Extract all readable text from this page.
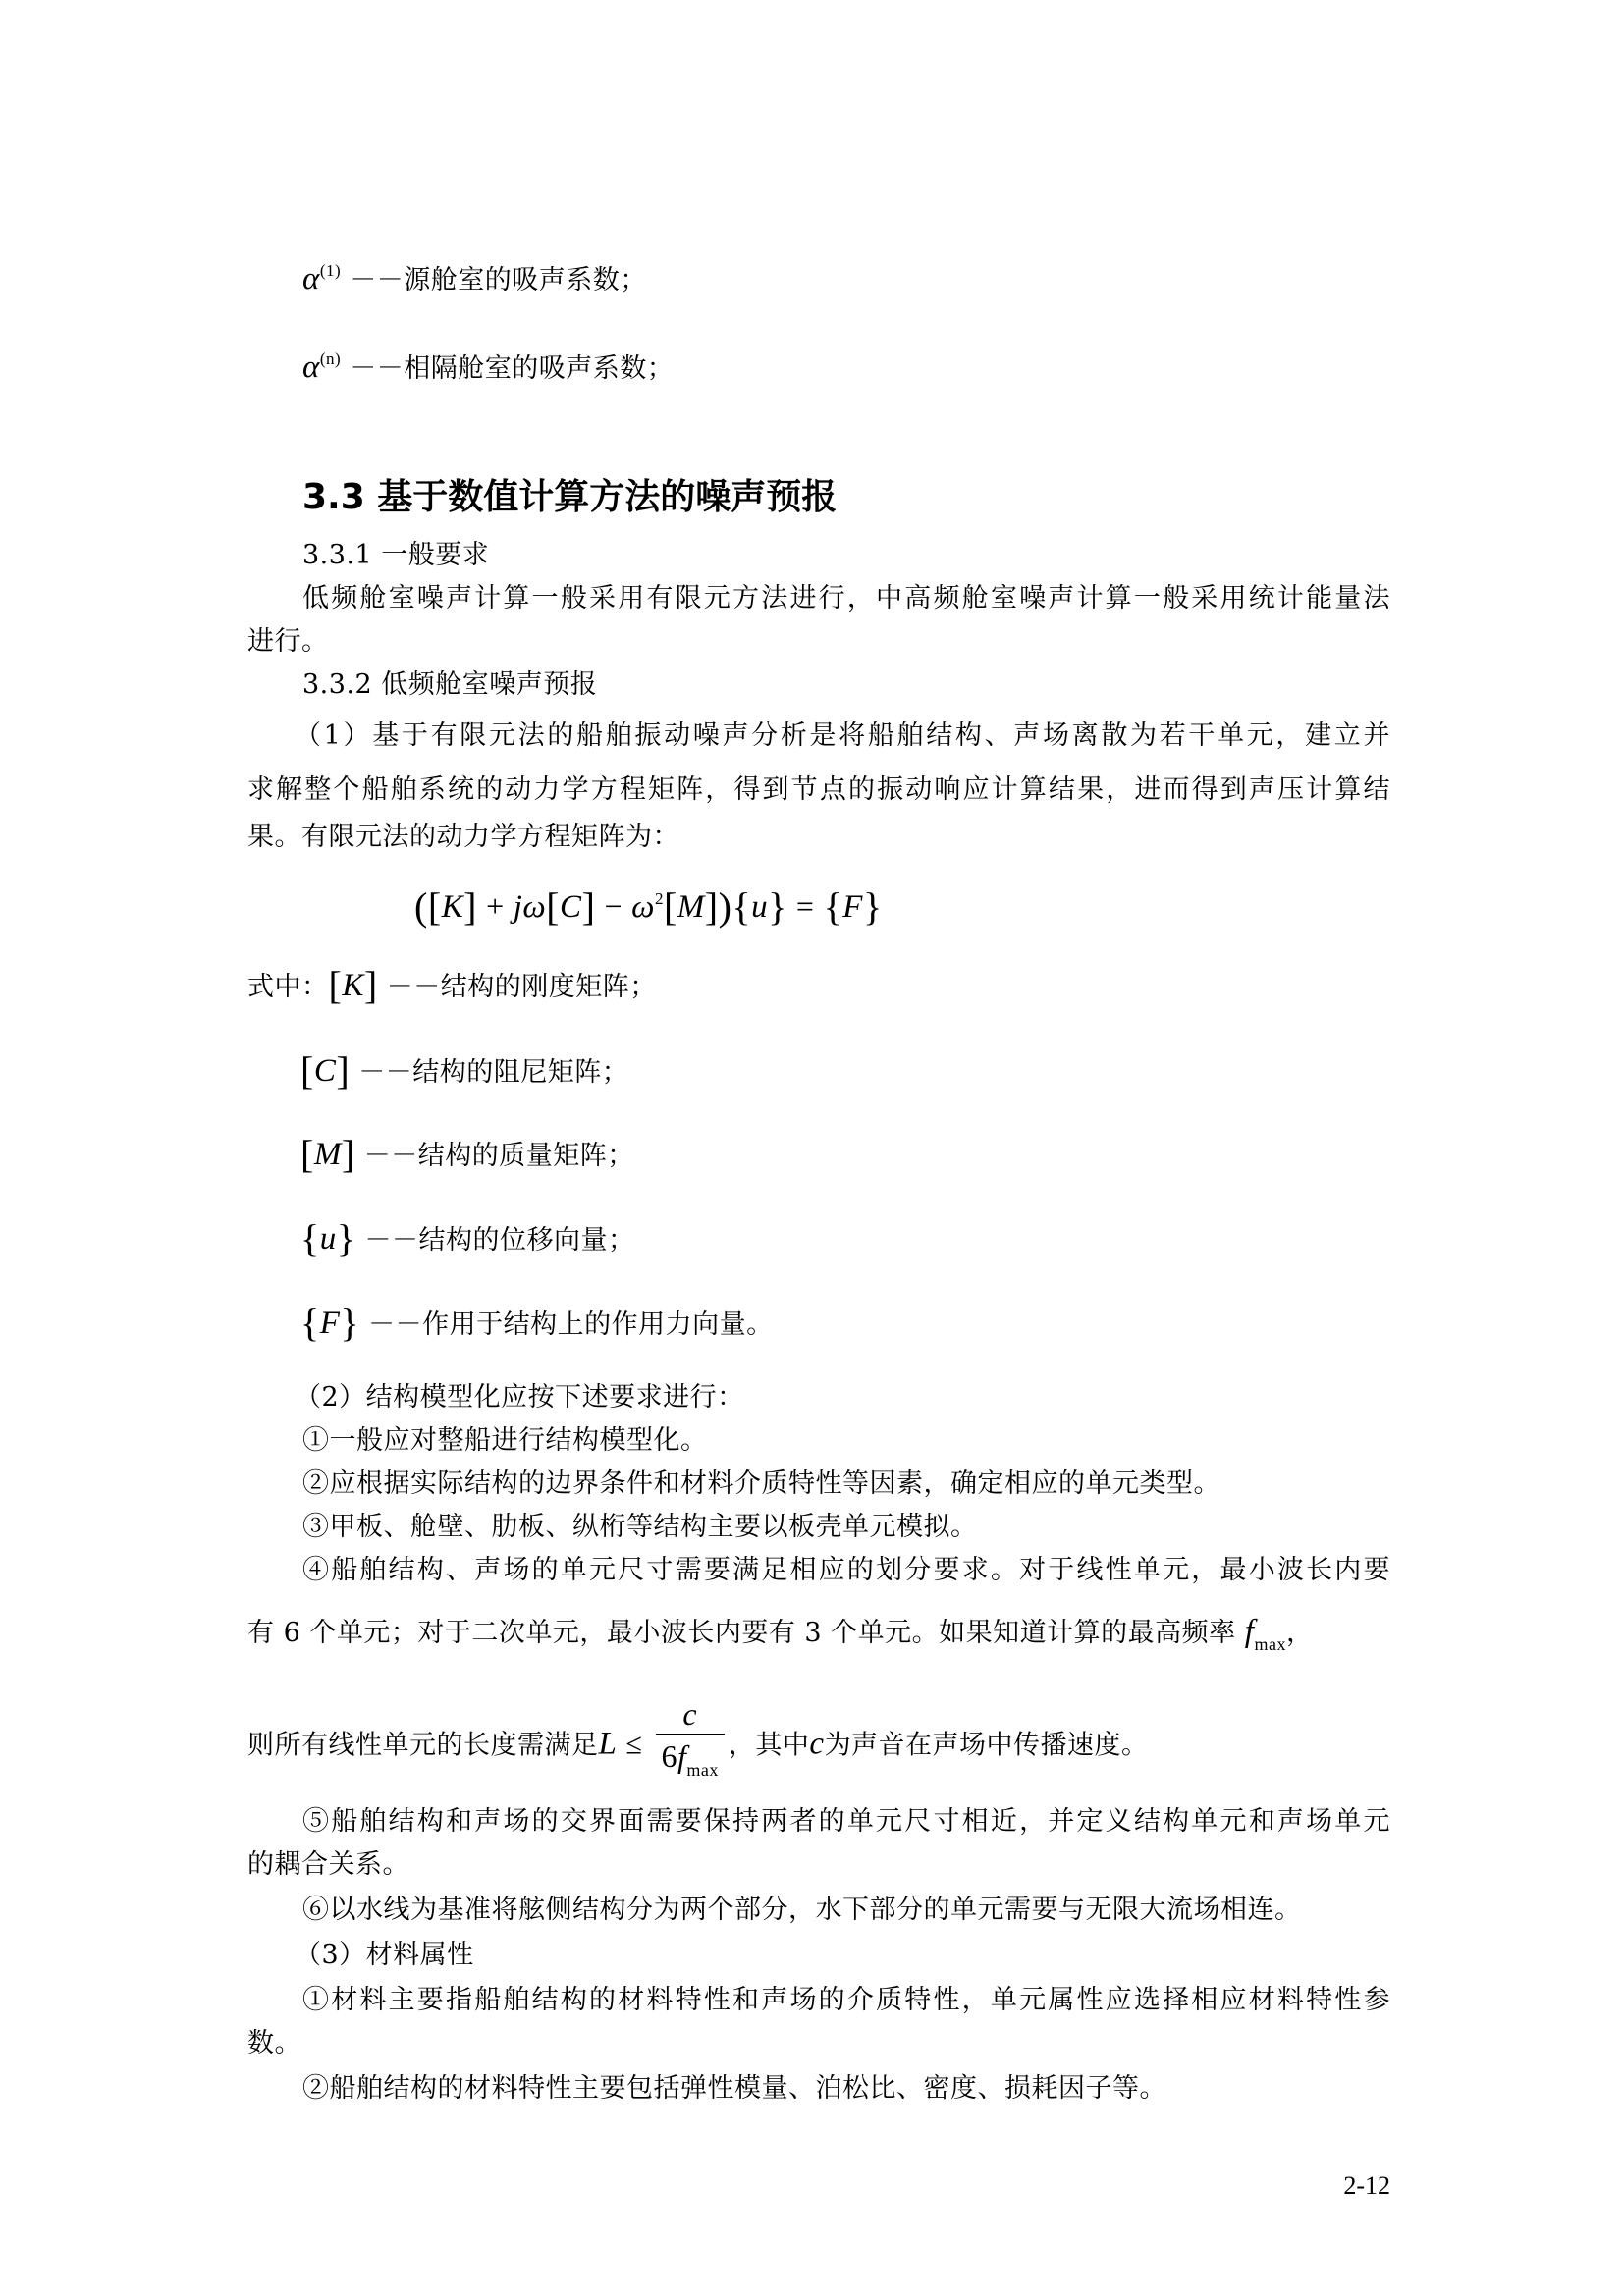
$\alpha^{(1)}$ －－源舱室的吸声系数；
$\alpha^{(n)}$ －－相隔舱室的吸声系数；
3.3 基于数值计算方法的噪声预报
3.3.1 一般要求
低频舱室噪声计算一般采用有限元方法进行，中高频舱室噪声计算一般采用统计能量法
进行。
3.3.2 低频舱室噪声预报
（1）基于有限元法的船舶振动噪声分析是将船舶结构、声场离散为若干单元，建立并
求解整个船舶系统的动力学方程矩阵，得到节点的振动响应计算结果，进而得到声压计算结
果。有限元法的动力学方程矩阵为：
$([K] + j\omega[C] - \omega^2[M])\{u\} = \{F\}$
式中：[K] －－结构的刚度矩阵；
[C] －－结构的阻尼矩阵；
[M] －－结构的质量矩阵；
{u} －－结构的位移向量；
{F} －－作用于结构上的作用力向量。
（2）结构模型化应按下述要求进行：
①一般应对整船进行结构模型化。
②应根据实际结构的边界条件和材料介质特性等因素，确定相应的单元类型。
③甲板、舱壁、肋板、纵桁等结构主要以板壳单元模拟。
④船舶结构、声场的单元尺寸需要满足相应的划分要求。对于线性单元，最小波长内要
有 6 个单元；对于二次单元，最小波长内要有 3 个单元。如果知道计算的最高频率 $f_{max}$，
则所有线性单元的长度需满足$L \le \frac{c}{6f_{max}}$ ，其中c为声音在声场中传播速度。
⑤船舶结构和声场的交界面需要保持两者的单元尺寸相近，并定义结构单元和声场单元
的耦合关系。
⑥以水线为基准将舷侧结构分为两个部分，水下部分的单元需要与无限大流场相连。
（3）材料属性
①材料主要指船舶结构的材料特性和声场的介质特性，单元属性应选择相应材料特性参
数。
②船舶结构的材料特性主要包括弹性模量、泊松比、密度、损耗因子等。
2-12
